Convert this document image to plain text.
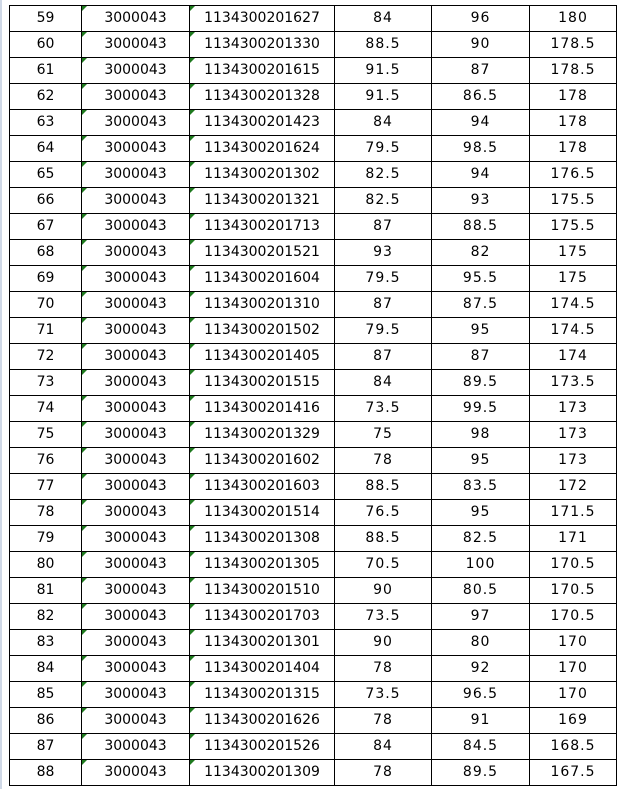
59	3000043	1134300201627	84	96	180
60	3000043	1134300201330	88.5	90	178.5
61	3000043	1134300201615	91.5	87	178.5
62	3000043	1134300201328	91.5	86.5	178
63	3000043	1134300201423	84	94	178
64	3000043	1134300201624	79.5	98.5	178
65	3000043	1134300201302	82.5	94	176.5
66	3000043	1134300201321	82.5	93	175.5
67	3000043	1134300201713	87	88.5	175.5
68	3000043	1134300201521	93	82	175
69	3000043	1134300201604	79.5	95.5	175
70	3000043	1134300201310	87	87.5	174.5
71	3000043	1134300201502	79.5	95	174.5
72	3000043	1134300201405	87	87	174
73	3000043	1134300201515	84	89.5	173.5
74	3000043	1134300201416	73.5	99.5	173
75	3000043	1134300201329	75	98	173
76	3000043	1134300201602	78	95	173
77	3000043	1134300201603	88.5	83.5	172
78	3000043	1134300201514	76.5	95	171.5
79	3000043	1134300201308	88.5	82.5	171
80	3000043	1134300201305	70.5	100	170.5
81	3000043	1134300201510	90	80.5	170.5
82	3000043	1134300201703	73.5	97	170.5
83	3000043	1134300201301	90	80	170
84	3000043	1134300201404	78	92	170
85	3000043	1134300201315	73.5	96.5	170
86	3000043	1134300201626	78	91	169
87	3000043	1134300201526	84	84.5	168.5
88	3000043	1134300201309	78	89.5	167.5
